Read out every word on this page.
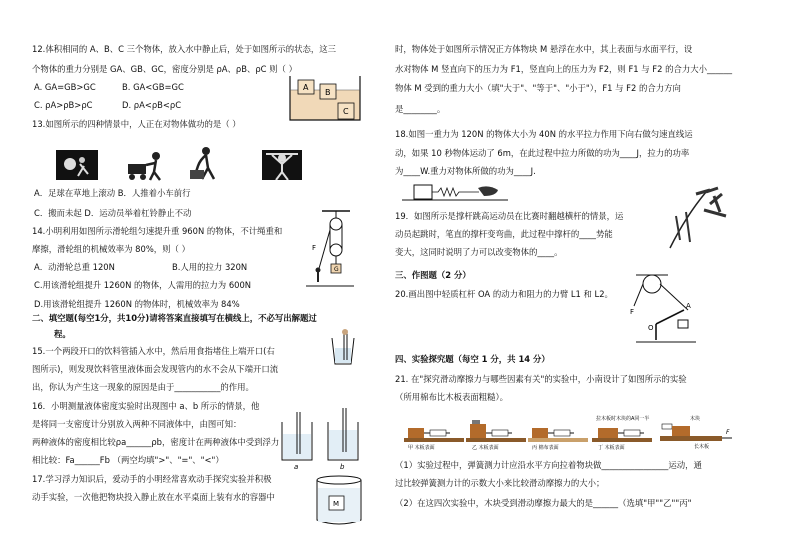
12.体积相同的 A、B、C 三个物体，放入水中静止后，处于如图所示的状态，这三
个物体的重力分别是 GA、GB、GC，密度分别是 ρA、ρB、ρC 则（ ）
A. GA=GB>GC	B. GA<GB=GC
C. ρA>ρB>ρC	D. ρA<ρB<ρC
13.如图所示的四种情景中，人正在对物体做功的是（ ）
A．足球在草地上滚动 B．人推着小车前行
C．搬而未起 D．运动员举着杠铃静止不动
14.小明利用如图所示滑轮组匀速提升重 960N 的物体，不计绳重和
摩擦，滑轮组的机械效率为 80%，则（ ）
A．动滑轮总重 120N	B.人用的拉力 320N
C.用该滑轮组提升 1260N 的物体，人需用的拉力为 600N
D.用该滑轮组提升 1260N 的物体时，机械效率为 84%
二、填空题(每空1分，共10分)请将答案直接填写在横线上，不必写出解题过
程。
15.一个两段开口的饮料管插入水中，然后用食指堵住上端开口(右
图所示)，则发现饮料管里液体面会发现管内的水不会从下端开口流
出，你认为产生这一现象的原因是由于___________的作用。
16．小明测量液体密度实验时出现图中 a、b 所示的情景，他
是将同一支密度计分别放入两种不同液体中，由图可知：
两种液体的密度相比较ρa______ρb，密度计在两种液体中受到浮力
相比较：Fa______Fb （两空均填">"、"="、"<"）
17.学习浮力知识后，爱动手的小明经常喜欢动手探究实验并积极
动手实验，一次他把物块投入静止放在水平桌面上装有水的容器中
A
B
C
G
F
a	b
M
时，物体处于如图所示情况正方体物块 M 悬浮在水中，其上表面与水面平行，设
水对物体 M 竖直向下的压力为 F1，竖直向上的压力为 F2，则 F1 与 F2 的合力大小______
物体 M 受到的重力大小（填"大于"、"等于"、"小于"），F1 与 F2 的合力方向
是________。
18.如图一重力为 120N 的物体大小为 40N 的水平拉力作用下向右做匀速直线运
动，如果 10 秒物体运动了 6m，在此过程中拉力所做的功为____J，拉力的功率
为____W.重力对物体所做的功为____J.
19．如图所示是撑杆跳高运动员在比赛时翻越横杆的情景，运
动员起跳时，笔直的撑杆变弯曲，此过程中撑杆的____势能
变大，这同时说明了力可以改变物体的____。
三、作图题（2 分）
20.画出图中轻质杠杆 OA 的动力和阻力的力臂 L1 和 L2。
四、实验探究题（每空 1 分，共 14 分）
21. 在"探究滑动摩擦力与哪些因素有关"的实验中，小南设计了如图所示的实验
（所用棉布比木板表面粗糙）。
（1）实验过程中，弹簧测力计应沿水平方向拉着物块做________________运动，通
过比较弹簧测力计的示数大小来比较滑动摩擦力的大小；
（2）在这四次实验中，木块受到滑动摩擦力最大的是______（选填"甲""乙""丙"
F
O
A
甲 木板表面	乙 木板表面	丙 棉布表面
拉木板时木块的A同一半
丁 木板表面
木块
长木板
F
